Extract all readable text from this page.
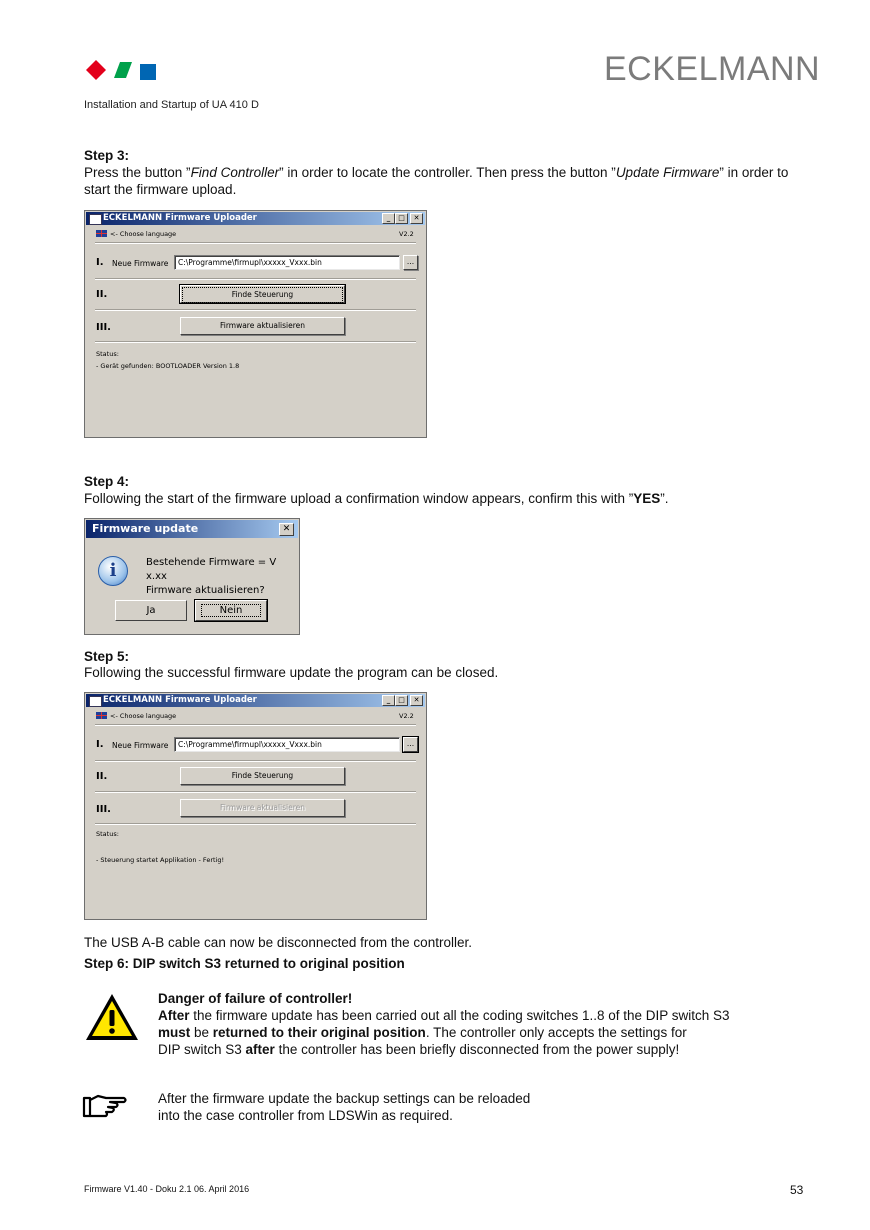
ECKELMANN
Installation and Startup of UA 410 D
Step 3:
Press the button ”Find Controller” in order to locate the controller. Then press the button ”Update Firmware” in order to start the firmware upload.
ECKELMANN Firmware Uploader	_	□	✕
<- Choose language	V2.2
I. Neue Firmware	C:\Programme\firmupl\xxxxx_Vxxx.bin	...
II.	Finde Steuerung
III.	Firmware aktualisieren
Status:
- Gerät gefunden: BOOTLOADER Version 1.8
Step 4:
Following the start of the firmware upload a confirmation window appears, confirm this with ”YES”.
Firmware update	✕
i	Bestehende Firmware = V x.xx
Firmware aktualisieren?
Ja	Nein
Step 5:
Following the successful firmware update the program can be closed.
ECKELMANN Firmware Uploader	_	□	✕
<- Choose language	V2.2
I. Neue Firmware	C:\Programme\firmupl\xxxxx_Vxxx.bin	...
II.	Finde Steuerung
III.	Firmware aktualisieren
Status:
- Steuerung startet Applikation - Fertig!
The USB A-B cable can now be disconnected from the controller.
Step 6: DIP switch S3 returned to original position
Danger of failure of controller!
After the firmware update has been carried out all the coding switches 1..8 of the DIP switch S3
must be returned to their original position. The controller only accepts the settings for
DIP switch S3 after the controller has been briefly disconnected from the power supply!
After the firmware update the backup settings can be reloaded
into the case controller from LDSWin as required.
Firmware V1.40 - Doku 2.1 06. April 2016	53
